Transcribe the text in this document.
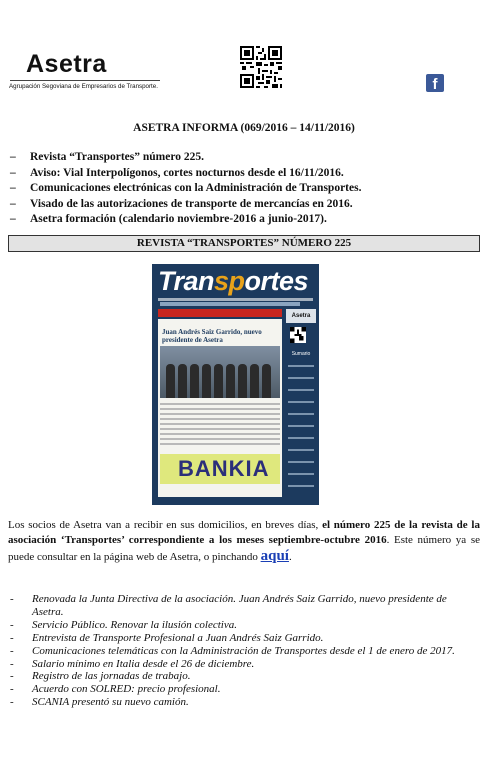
Asetra
Agrupación Segoviana de Empresarios de Transporte.	f
ASETRA INFORMA (069/2016 – 14/11/2016)
– Revista “Transportes” número 225.
– Aviso: Vial Interpolígonos, cortes nocturnos desde el 16/11/2016.
– Comunicaciones electrónicas con la Administración de Transportes.
– Visado de las autorizaciones de transporte de mercancías en 2016.
– Asetra formación (calendario noviembre-2016 a junio-2017).
REVISTA “TRANSPORTES” NÚMERO 225
Transportes
Juan Andrés Saiz Garrido, nuevo presidente de Asetra
BANKIA
Sumario
Asetra
Los socios de Asetra van a recibir en sus domicilios, en breves días, el número 225 de la revista de la asociación ‘Transportes’ correspondiente a los meses septiembre-octubre 2016. Este número ya se puede consultar en la página web de Asetra, o pinchando aquí.
- Renovada la Junta Directiva de la asociación. Juan Andrés Saiz Garrido, nuevo presidente de Asetra.
- Servicio Público. Renovar la ilusión colectiva.
- Entrevista de Transporte Profesional a Juan Andrés Saiz Garrido.
- Comunicaciones telemáticas con la Administración de Transportes desde el 1 de enero de 2017.
- Salario mínimo en Italia desde el 26 de diciembre.
- Registro de las jornadas de trabajo.
- Acuerdo con SOLRED: precio profesional.
- SCANIA presentó su nuevo camión.
